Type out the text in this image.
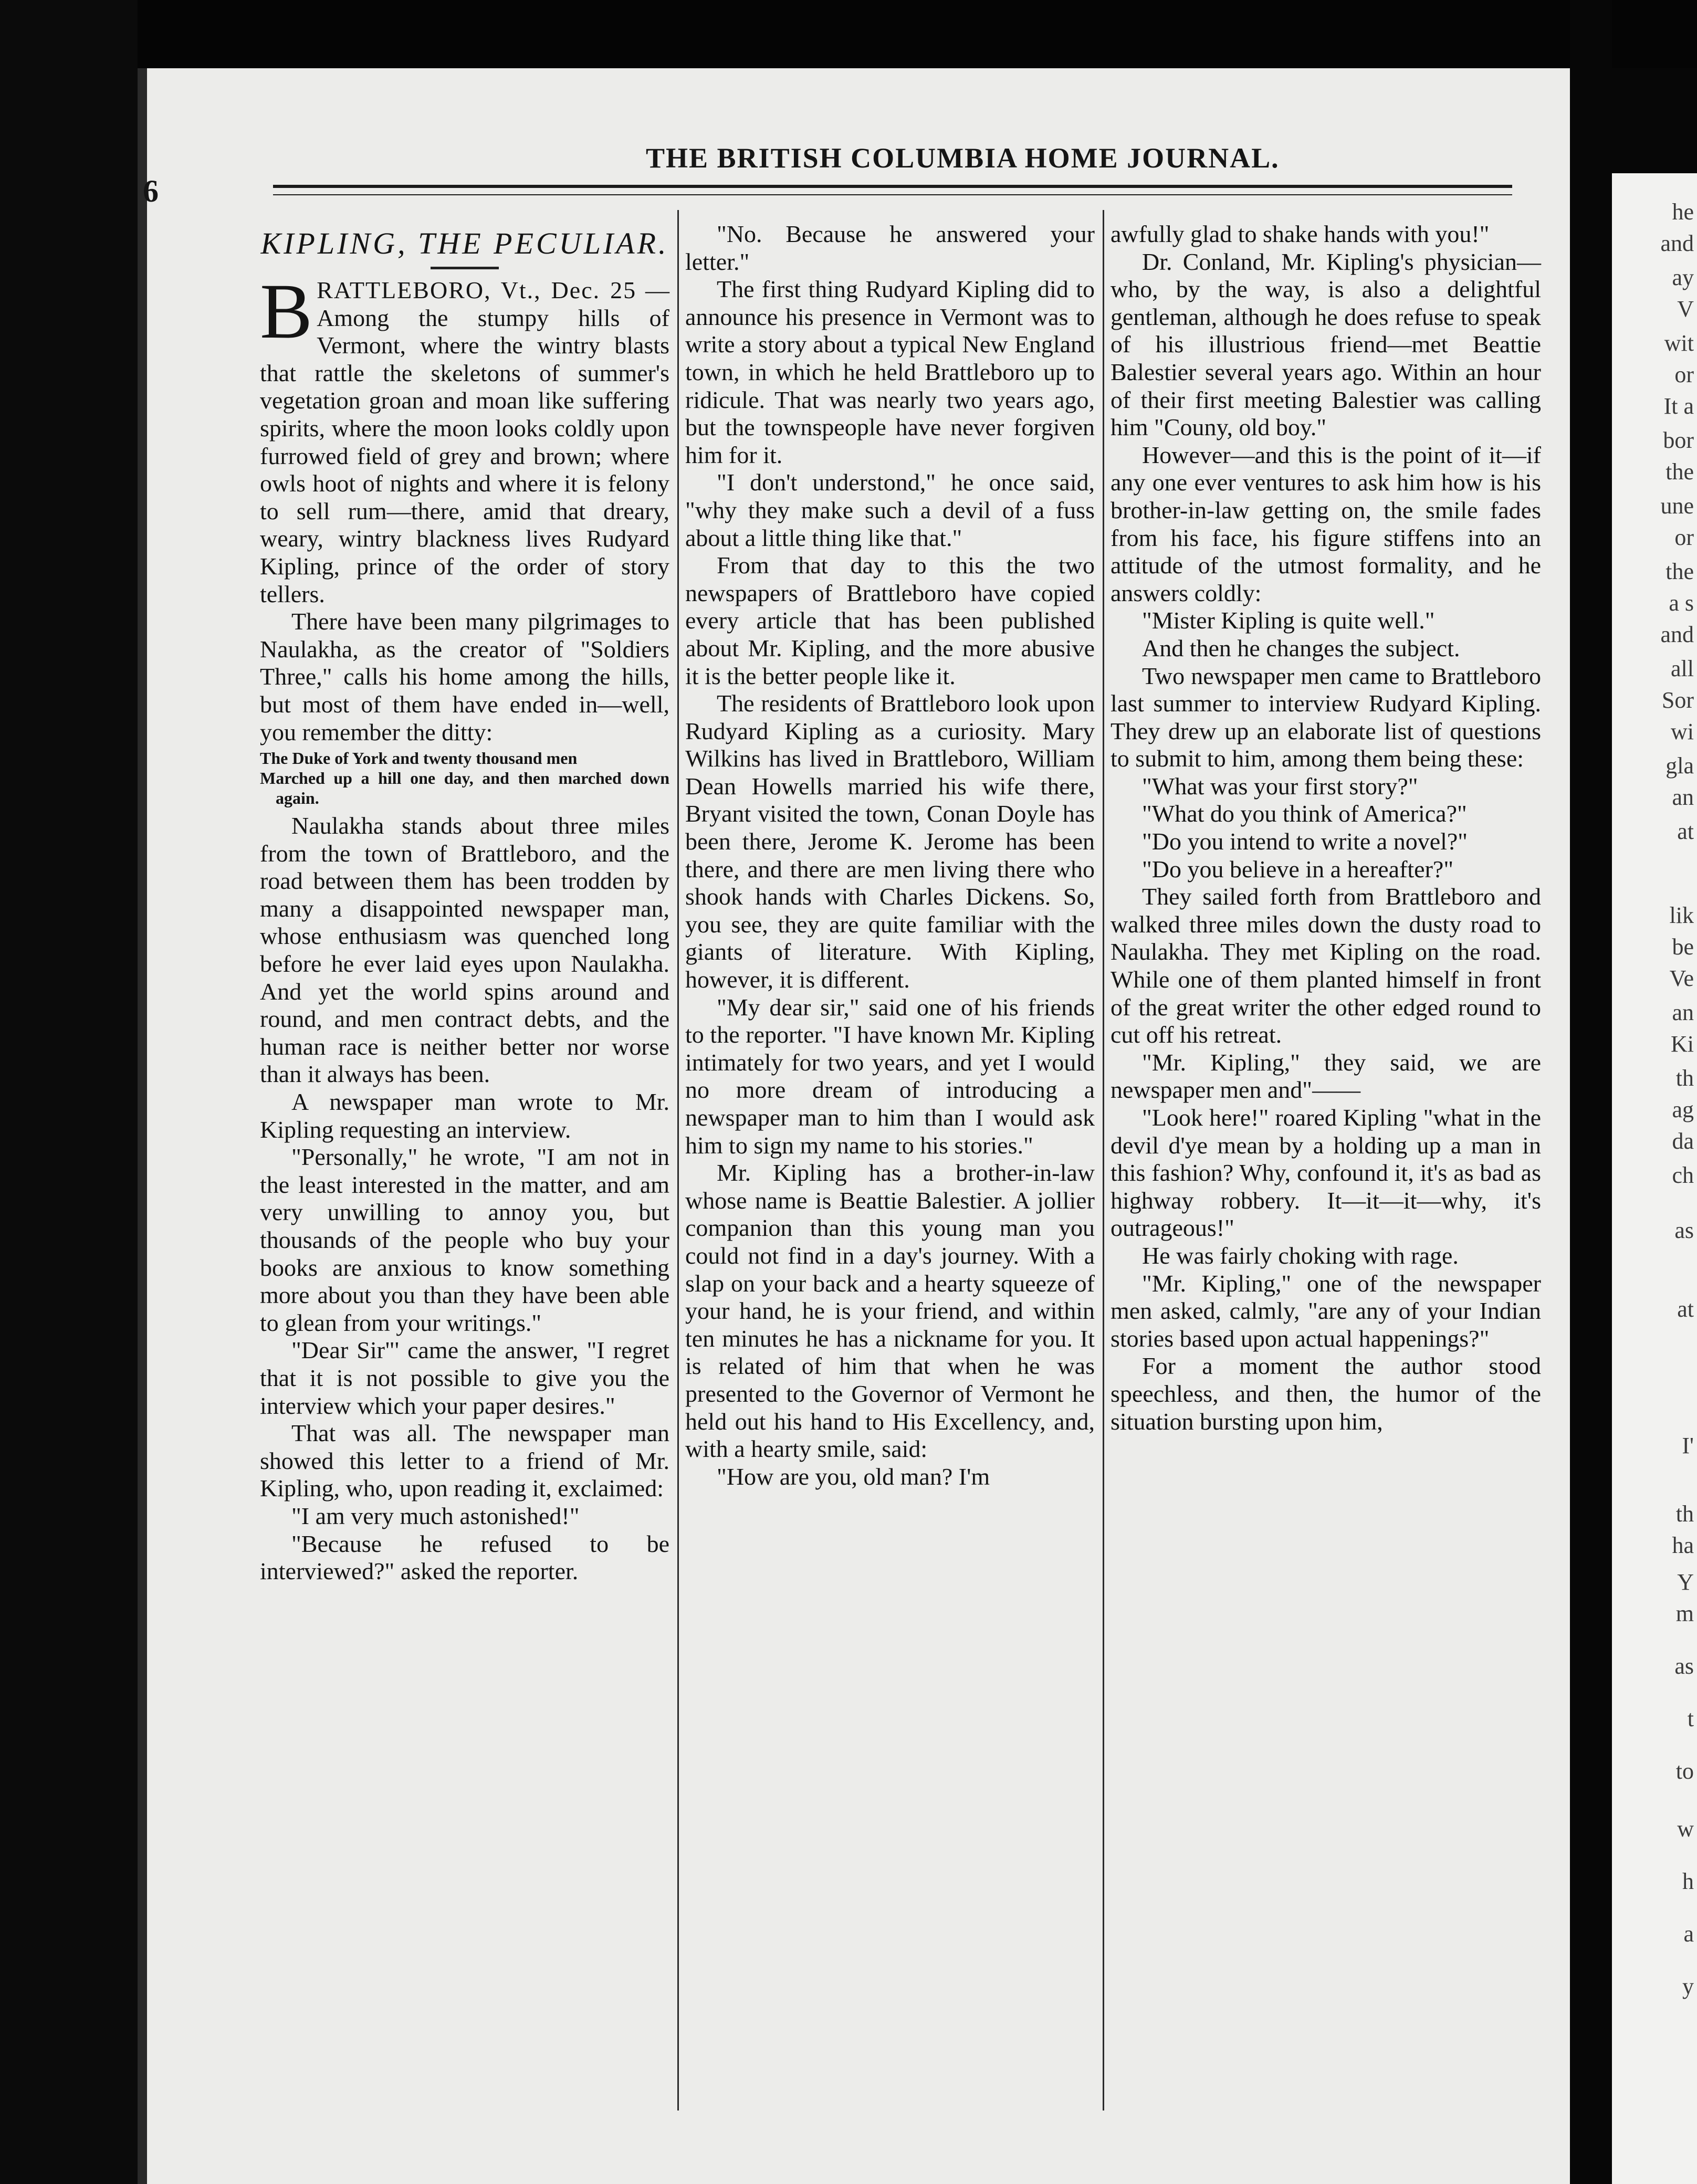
he
and
ay
V
wit
or
It a
bor
the
une
or
the
a s
and
all
Sor
wi
gla
an
at
lik
be
Ve
an
Ki
th
ag
da
ch
as
at
I'
th
ha
Y
m
as
t
to
w
h
a
y
6
THE BRITISH COLUMBIA HOME JOURNAL.
KIPLING, THE PECULIAR.

B RATTLEBORO, Vt., Dec. 25 —Among the stumpy hills of Vermont, where the wintry blasts that rattle the skeletons of summer's vegetation groan and moan like suffering spirits, where the moon looks coldly upon furrowed field of grey and brown; where owls hoot of nights and where it is felony to sell rum—there, amid that dreary, weary, wintry blackness lives Rudyard Kipling, prince of the order of story tellers.

There have been many pilgrimages to Naulakha, as the creator of "Soldiers Three," calls his home among the hills, but most of them have ended in—well, you remember the ditty:

The Duke of York and twenty thousand men
Marched up a hill one day, and then marched down again.

Naulakha stands about three miles from the town of Brattleboro, and the road between them has been trodden by many a disappointed newspaper man, whose enthusiasm was quenched long before he ever laid eyes upon Naulakha. And yet the world spins around and round, and men contract debts, and the human race is neither better nor worse than it always has been.

A newspaper man wrote to Mr. Kipling requesting an interview.

"Personally," he wrote, "I am not in the least interested in the matter, and am very unwilling to annoy you, but thousands of the people who buy your books are anxious to know something more about you than they have been able to glean from your writings."

"Dear Sir"' came the answer, "I regret that it is not possible to give you the interview which your paper desires."

That was all. The newspaper man showed this letter to a friend of Mr. Kipling, who, upon reading it, exclaimed:

"I am very much astonished!"

"Because he refused to be interviewed?" asked the reporter.

"No. Because he answered your letter."

The first thing Rudyard Kipling did to announce his presence in Vermont was to write a story about a typical New England town, in which he held Brattleboro up to ridicule. That was nearly two years ago, but the townspeople have never forgiven him for it.

"I don't understond," he once said, "why they make such a devil of a fuss about a little thing like that."

From that day to this the two newspapers of Brattleboro have copied every article that has been published about Mr. Kipling, and the more abusive it is the better people like it.

The residents of Brattleboro look upon Rudyard Kipling as a curiosity. Mary Wilkins has lived in Brattleboro, William Dean Howells married his wife there, Bryant visited the town, Conan Doyle has been there, Jerome K. Jerome has been there, and there are men living there who shook hands with Charles Dickens. So, you see, they are quite familiar with the giants of literature. With Kipling, however, it is different.

"My dear sir," said one of his friends to the reporter. "I have known Mr. Kipling intimately for two years, and yet I would no more dream of introducing a newspaper man to him than I would ask him to sign my name to his stories."

Mr. Kipling has a brother-in-law whose name is Beattie Balestier. A jollier companion than this young man you could not find in a day's journey. With a slap on your back and a hearty squeeze of your hand, he is your friend, and within ten minutes he has a nickname for you. It is related of him that when he was presented to the Governor of Vermont he held out his hand to His Excellency, and, with a hearty smile, said:

"How are you, old man? I'm

awfully glad to shake hands with you!"

Dr. Conland, Mr. Kipling's physician—who, by the way, is also a delightful gentleman, although he does refuse to speak of his illustrious friend—met Beattie Balestier several years ago. Within an hour of their first meeting Balestier was calling him "Couny, old boy."

However—and this is the point of it—if any one ever ventures to ask him how is his brother-in-law getting on, the smile fades from his face, his figure stiffens into an attitude of the utmost formality, and he answers coldly:

"Mister Kipling is quite well."

And then he changes the subject.

Two newspaper men came to Brattleboro last summer to interview Rudyard Kipling. They drew up an elaborate list of questions to submit to him, among them being these:

"What was your first story?"

"What do you think of America?"

"Do you intend to write a novel?"

"Do you believe in a hereafter?"

They sailed forth from Brattleboro and walked three miles down the dusty road to Naulakha. They met Kipling on the road. While one of them planted himself in front of the great writer the other edged round to cut off his retreat.

"Mr. Kipling," they said, we are newspaper men and"——

"Look here!" roared Kipling "what in the devil d'ye mean by a holding up a man in this fashion? Why, confound it, it's as bad as highway robbery. It—it—it—why, it's outrageous!"

He was fairly choking with rage.

"Mr. Kipling," one of the newspaper men asked, calmly, "are any of your Indian stories based upon actual happenings?"

For a moment the author stood speechless, and then, the humor of the situation bursting upon him,
